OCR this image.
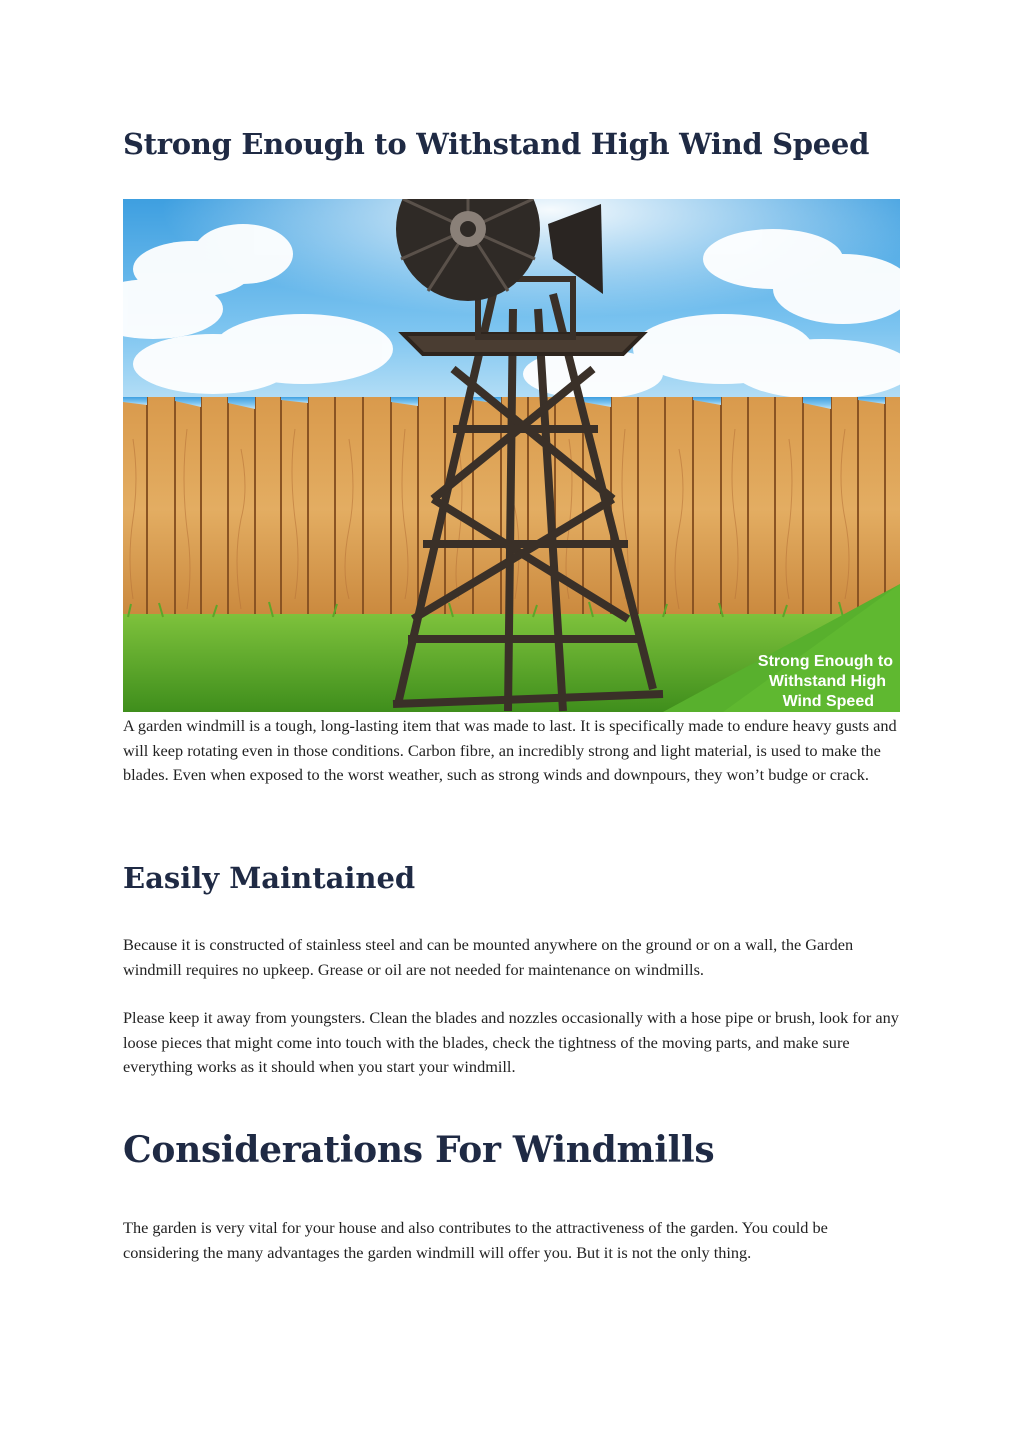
Strong Enough to Withstand High Wind Speed
Strong Enough to
Withstand High
Wind Speed

A garden windmill is a tough, long-lasting item that was made to last. It is specifically made to endure heavy gusts and will keep rotating even in those conditions. Carbon fibre, an incredibly strong and light material, is used to make the blades. Even when exposed to the worst weather, such as strong winds and downpours, they won’t budge or crack.

Easily Maintained

Because it is constructed of stainless steel and can be mounted anywhere on the ground or on a wall, the Garden windmill requires no upkeep. Grease or oil are not needed for maintenance on windmills.

Please keep it away from youngsters. Clean the blades and nozzles occasionally with a hose pipe or brush, look for any loose pieces that might come into touch with the blades, check the tightness of the moving parts, and make sure everything works as it should when you start your windmill.

Considerations For Windmills

The garden is very vital for your house and also contributes to the attractiveness of the garden. You could be considering the many advantages the garden windmill will offer you. But it is not the only thing.
